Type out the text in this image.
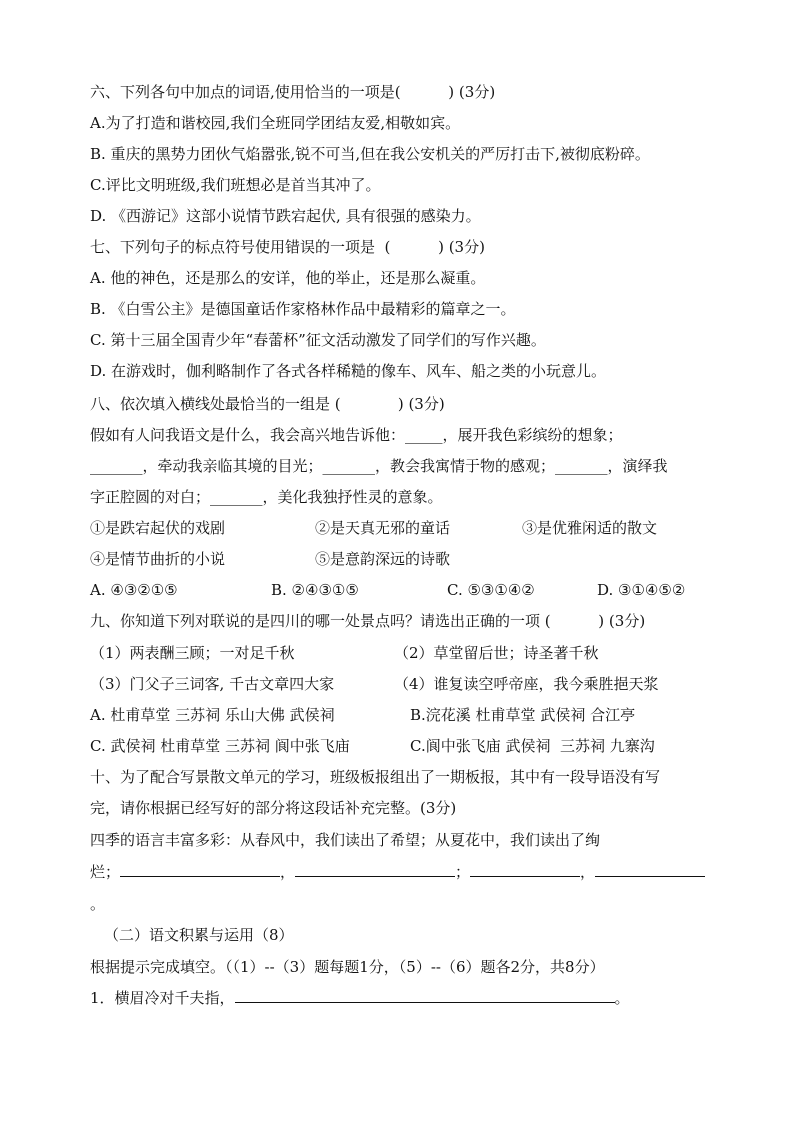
六、下列各句中加点的词语,使用恰当的一项是(          ) (3分)
A.为了打造和谐校园,我们全班同学团结友爱,相敬如宾。
B. 重庆的黑势力团伙气焰嚣张,锐不可当,但在我公安机关的严厉打击下,被彻底粉碎。
C.评比文明班级,我们班想必是首当其冲了。
D. 《西游记》这部小说情节跌宕起伏, 具有很强的感染力。
七、下列句子的标点符号使用错误的一项是  (          ) (3分)
A. 他的神色，还是那么的安详，他的举止，还是那么凝重。
B. 《白雪公主》是德国童话作家格林作品中最精彩的篇章之一。
C. 第十三届全国青少年“春蕾杯”征文活动激发了同学们的写作兴趣。
D. 在游戏时，伽利略制作了各式各样稀糙的像车、风车、船之类的小玩意儿。
八、依次填入横线处最恰当的一组是 (            ) (3分)
假如有人问我语文是什么，我会高兴地告诉他：_____，展开我色彩缤纷的想象；
_______，牵动我亲临其境的目光；_______，教会我寓情于物的感观；_______，演绎我
字正腔圆的对白；_______，美化我独抒性灵的意象。
①是跌宕起伏的戏剧	②是天真无邪的童话	③是优雅闲适的散文
④是情节曲折的小说	⑤是意韵深远的诗歌
A. ④③②①⑤	B. ②④③①⑤	C. ⑤③①④②	D. ③①④⑤②
九、你知道下列对联说的是四川的哪一处景点吗？请选出正确的一项 (          ) (3分)
（1）两表酬三顾；一对足千秋	（2）草堂留后世；诗圣著千秋
（3）门父子三词客, 千古文章四大家	（4）谁复读空呼帝座，我今乘胜挹天浆
A. 杜甫草堂 三苏祠 乐山大佛 武侯祠	B.浣花溪 杜甫草堂 武侯祠 合江亭
C. 武侯祠 杜甫草堂 三苏祠 阆中张飞庙	C.阆中张飞庙 武侯祠  三苏祠 九寨沟
十、为了配合写景散文单元的学习，班级板报组出了一期板报，其中有一段导语没有写
完，请你根据已经写好的部分将这段话补充完整。(3分)
四季的语言丰富多彩：从春风中，我们读出了希望；从夏花中，我们读出了绚
烂；	，	；	，
。
（二）语文积累与运用（8）
根据提示完成填空。（（1）--（3）题每题1分，（5）--（6）题各2分，共8分）
1．横眉冷对千夫指，	。
